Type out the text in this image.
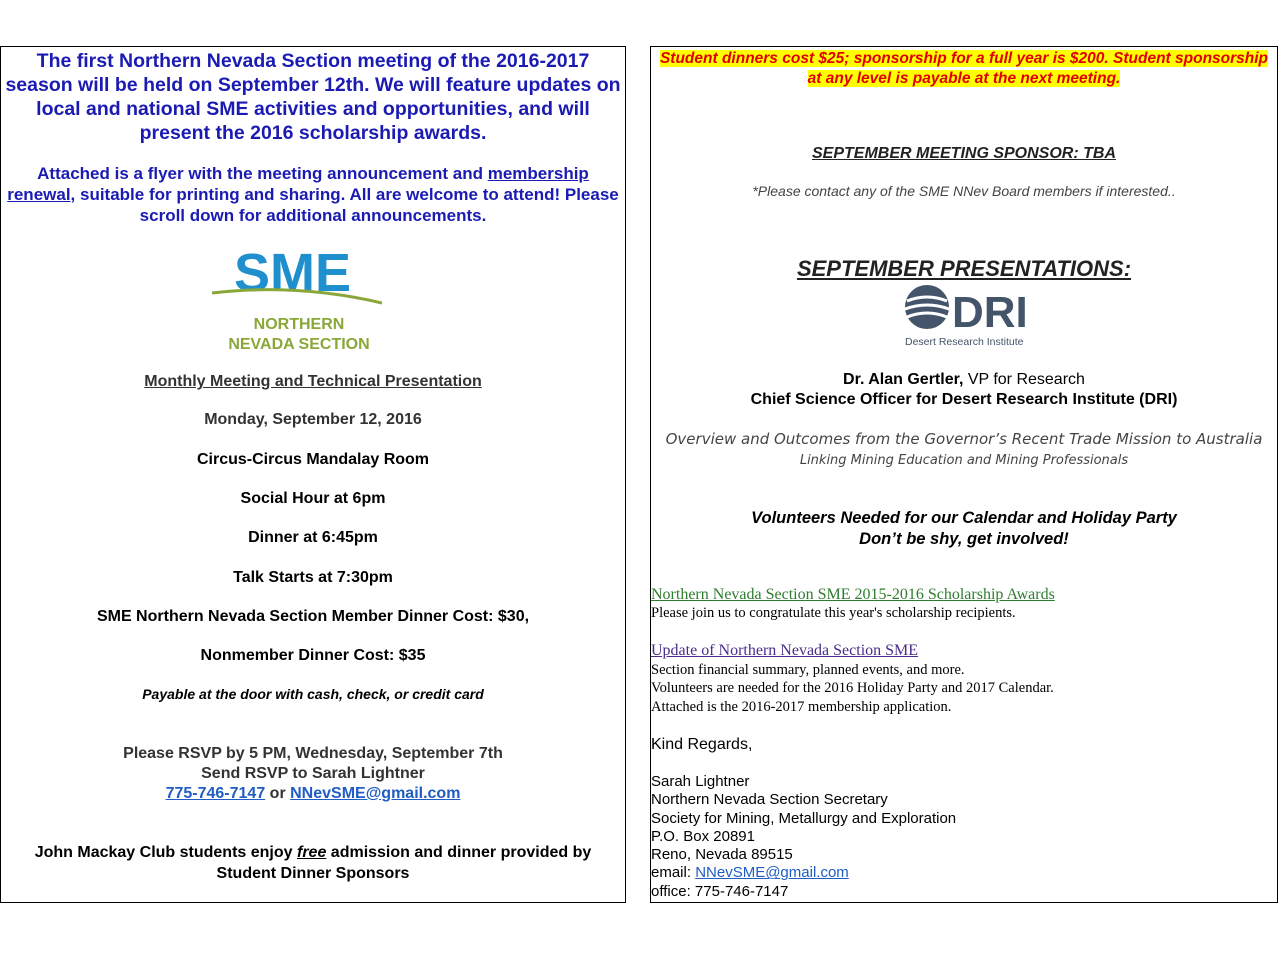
The first Northern Nevada Section meeting of the 2016-2017 season will be held on September 12th. We will feature updates on local and national SME activities and opportunities, and will present the 2016 scholarship awards.
Attached is a flyer with the meeting announcement and membership renewal, suitable for printing and sharing. All are welcome to attend! Please scroll down for additional announcements.
SME
NORTHERN
NEVADA SECTION
Monthly Meeting and Technical Presentation
Monday, September 12, 2016
Circus-Circus Mandalay Room
Social Hour at 6pm
Dinner at 6:45pm
Talk Starts at 7:30pm
SME Northern Nevada Section Member Dinner Cost: $30,
Nonmember Dinner Cost: $35
Payable at the door with cash, check, or credit card
Please RSVP by 5 PM, Wednesday, September 7th
Send RSVP to Sarah Lightner
775-746-7147 or NNevSME@gmail.com
John Mackay Club students enjoy free admission and dinner provided by Student Dinner Sponsors
Student dinners cost $25; sponsorship for a full year is $200. Student sponsorship at any level is payable at the next meeting.
SEPTEMBER MEETING SPONSOR: TBA
*Please contact any of the SME NNev Board members if interested..
SEPTEMBER PRESENTATIONS:
DRI
Desert Research Institute
Dr. Alan Gertler, VP for Research
Chief Science Officer for Desert Research Institute (DRI)
Overview and Outcomes from the Governor’s Recent Trade Mission to Australia
Linking Mining Education and Mining Professionals
Volunteers Needed for our Calendar and Holiday Party
Don’t be shy, get involved!
Northern Nevada Section SME 2015-2016 Scholarship Awards
Please join us to congratulate this year's scholarship recipients.
Update of Northern Nevada Section SME
Section financial summary, planned events, and more.
Volunteers are needed for the 2016 Holiday Party and 2017 Calendar.
Attached is the 2016-2017 membership application.
Kind Regards,
Sarah Lightner
Northern Nevada Section Secretary
Society for Mining, Metallurgy and Exploration
P.O. Box 20891
Reno, Nevada 89515
email: NNevSME@gmail.com
office: 775-746-7147
